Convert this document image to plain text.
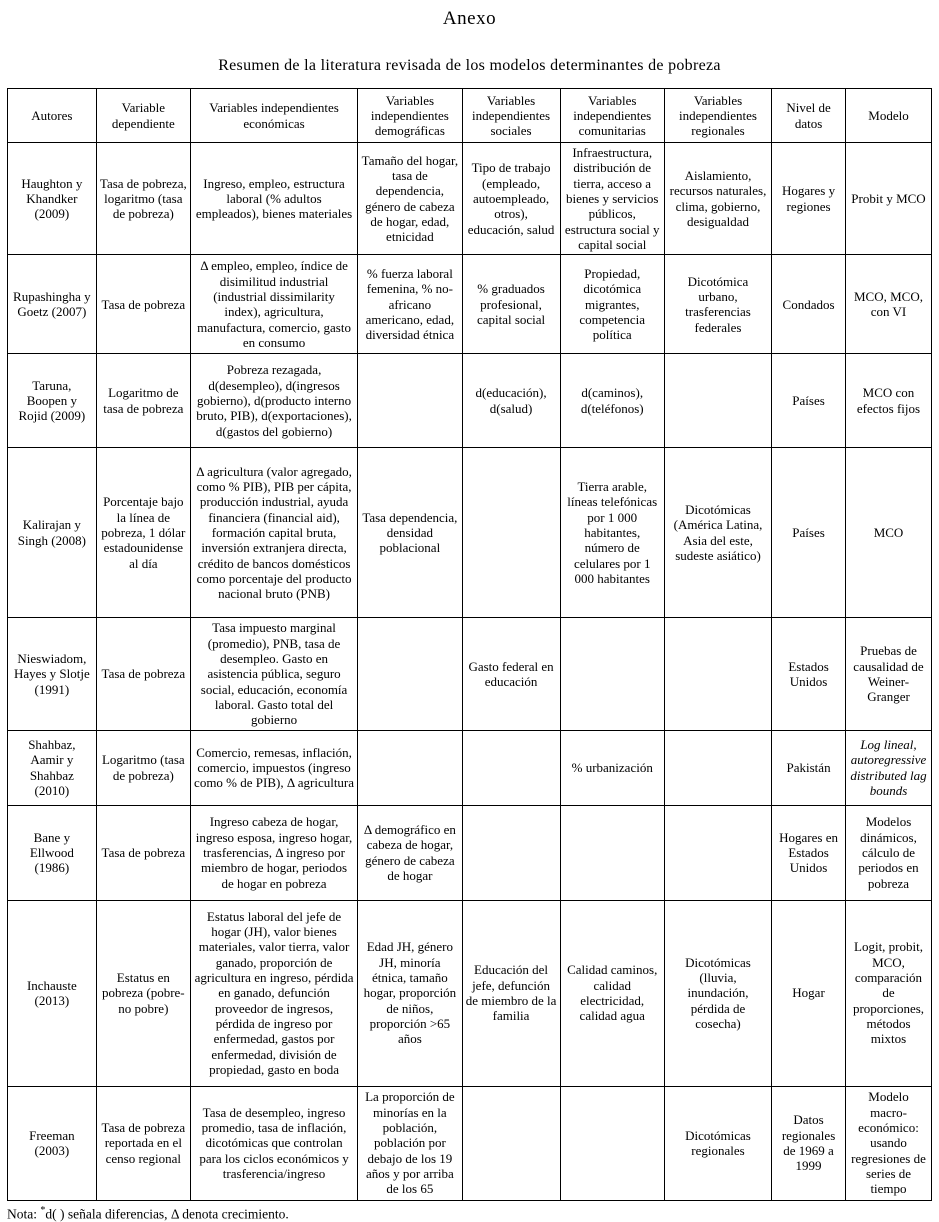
Anexo
Resumen de la literatura revisada de los modelos determinantes de pobreza
Autores	Variable dependiente	Variables independientes económicas	Variables independientes demográficas	Variables independientes sociales	Variables independientes comunitarias	Variables independientes regionales	Nivel de datos	Modelo
Haughton y Khandker (2009)	Tasa de pobreza, logaritmo (tasa de pobreza)	Ingreso, empleo, estructura laboral (% adultos empleados), bienes materiales	Tamaño del hogar, tasa de dependencia, género de cabeza de hogar, edad, etnicidad	Tipo de trabajo (empleado, autoempleado, otros), educación, salud	Infraestructura, distribución de tierra, acceso a bienes y servicios públicos, estructura social y capital social	Aislamiento, recursos naturales, clima, gobierno, desigualdad	Hogares y regiones	Probit y MCO
Rupashingha y Goetz (2007)	Tasa de pobreza	Δ empleo, empleo, índice de disimilitud industrial (industrial dissimilarity index), agricultura, manufactura, comercio, gasto en consumo	% fuerza laboral femenina, % no-africano americano, edad, diversidad étnica	% graduados profesional, capital social	Propiedad, dicotómica migrantes, competencia política	Dicotómica urbano, trasferencias federales	Condados	MCO, MCO, con VI
Taruna, Boopen y Rojid (2009)	Logaritmo de tasa de pobreza	Pobreza rezagada, d(desempleo), d(ingresos gobierno), d(producto interno bruto, PIB), d(exportaciones), d(gastos del gobierno)		d(educación), d(salud)	d(caminos), d(teléfonos)		Países	MCO con efectos fijos
Kalirajan y Singh (2008)	Porcentaje bajo la línea de pobreza, 1 dólar estadounidense al día	Δ agricultura (valor agregado, como % PIB), PIB per cápita, producción industrial, ayuda financiera (financial aid), formación capital bruta, inversión extranjera directa, crédito de bancos domésticos como porcentaje del producto nacional bruto (PNB)	Tasa dependencia, densidad poblacional		Tierra arable, líneas telefónicas por 1 000 habitantes, número de celulares por 1 000 habitantes	Dicotómicas (América Latina, Asia del este, sudeste asiático)	Países	MCO
Nieswiadom, Hayes y Slotje (1991)	Tasa de pobreza	Tasa impuesto marginal (promedio), PNB, tasa de desempleo. Gasto en asistencia pública, seguro social, educación, economía laboral. Gasto total del gobierno		Gasto federal en educación			Estados Unidos	Pruebas de causalidad de Weiner-Granger
Shahbaz, Aamir y Shahbaz (2010)	Logaritmo (tasa de pobreza)	Comercio, remesas, inflación, comercio, impuestos (ingreso como % de PIB), Δ agricultura			% urbanización		Pakistán	Log lineal, autoregressive distributed lag bounds
Bane y Ellwood (1986)	Tasa de pobreza	Ingreso cabeza de hogar, ingreso esposa, ingreso hogar, trasferencias, Δ ingreso por miembro de hogar, periodos de hogar en pobreza	Δ demográfico en cabeza de hogar, género de cabeza de hogar				Hogares en Estados Unidos	Modelos dinámicos, cálculo de periodos en pobreza
Inchauste (2013)	Estatus en pobreza (pobre-no pobre)	Estatus laboral del jefe de hogar (JH), valor bienes materiales, valor tierra, valor ganado, proporción de agricultura en ingreso, pérdida en ganado, defunción proveedor de ingresos, pérdida de ingreso por enfermedad, gastos por enfermedad, división de propiedad, gasto en boda	Edad JH, género JH, minoría étnica, tamaño hogar, proporción de niños, proporción >65 años	Educación del jefe, defunción de miembro de la familia	Calidad caminos, calidad electricidad, calidad agua	Dicotómicas (lluvia, inundación, pérdida de cosecha)	Hogar	Logit, probit, MCO, comparación de proporciones, métodos mixtos
Freeman (2003)	Tasa de pobreza reportada en el censo regional	Tasa de desempleo, ingreso promedio, tasa de inflación, dicotómicas que controlan para los ciclos económicos y trasferencia/ingreso	La proporción de minorías en la población, población por debajo de los 19 años y por arriba de los 65			Dicotómicas regionales	Datos regionales de 1969 a 1999	Modelo macro-económico: usando regresiones de series de tiempo
Nota: *d( ) señala diferencias, Δ denota crecimiento.
